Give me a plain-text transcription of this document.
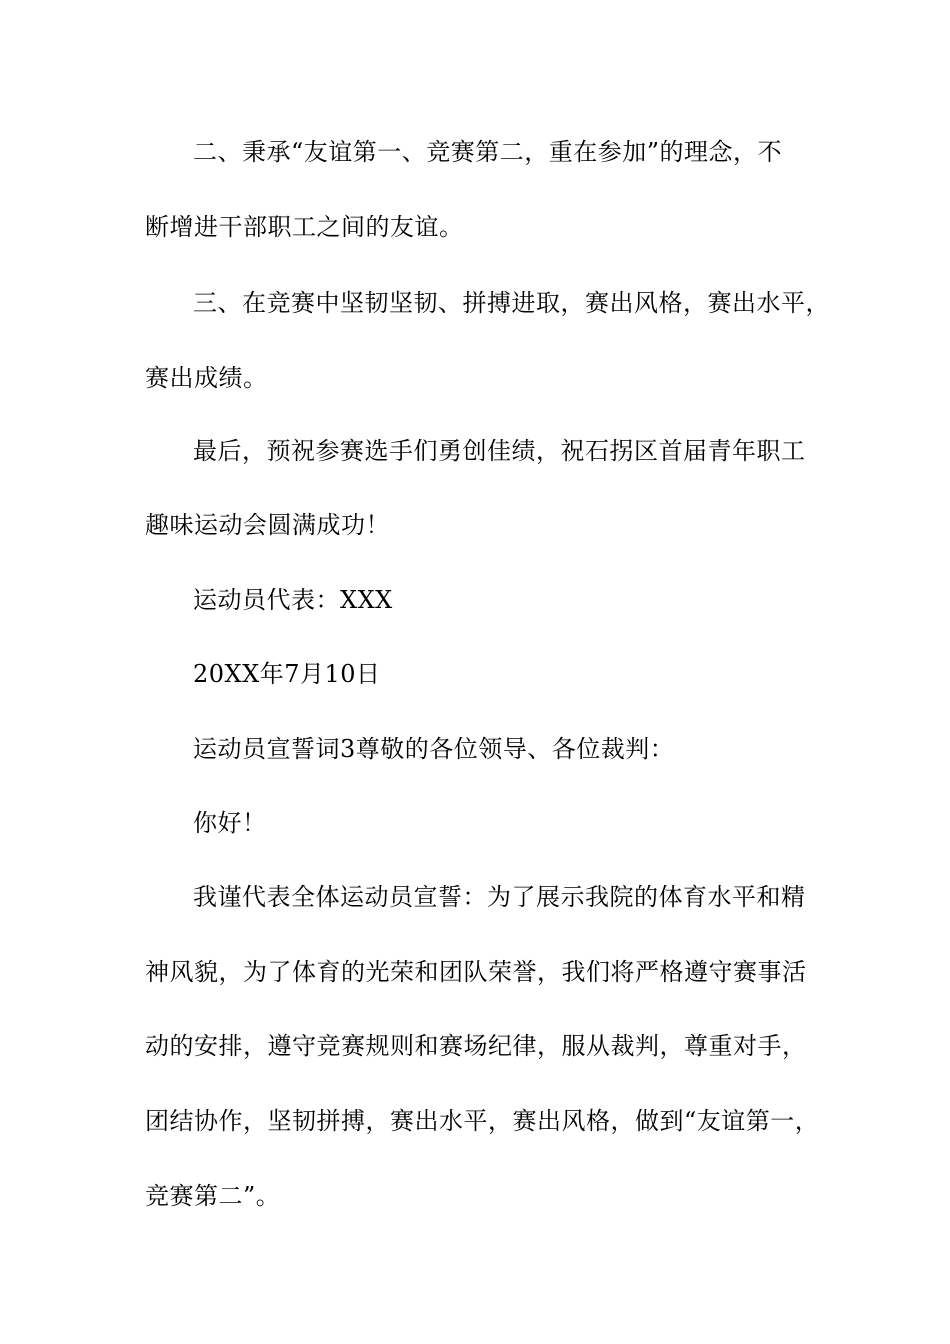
二、秉承“友谊第一、竞赛第二，重在参加”的理念，不
断增进干部职工之间的友谊。
三、在竞赛中坚韧坚韧、拼搏进取，赛出风格，赛出水平，
赛出成绩。
最后，预祝参赛选手们勇创佳绩，祝石拐区首届青年职工
趣味运动会圆满成功！
运动员代表：XXX
20XX年7月10日
运动员宣誓词3尊敬的各位领导、各位裁判：
你好！
我谨代表全体运动员宣誓：为了展示我院的体育水平和精
神风貌，为了体育的光荣和团队荣誉，我们将严格遵守赛事活
动的安排，遵守竞赛规则和赛场纪律，服从裁判，尊重对手，
团结协作，坚韧拼搏，赛出水平，赛出风格，做到“友谊第一，
竞赛第二”。
